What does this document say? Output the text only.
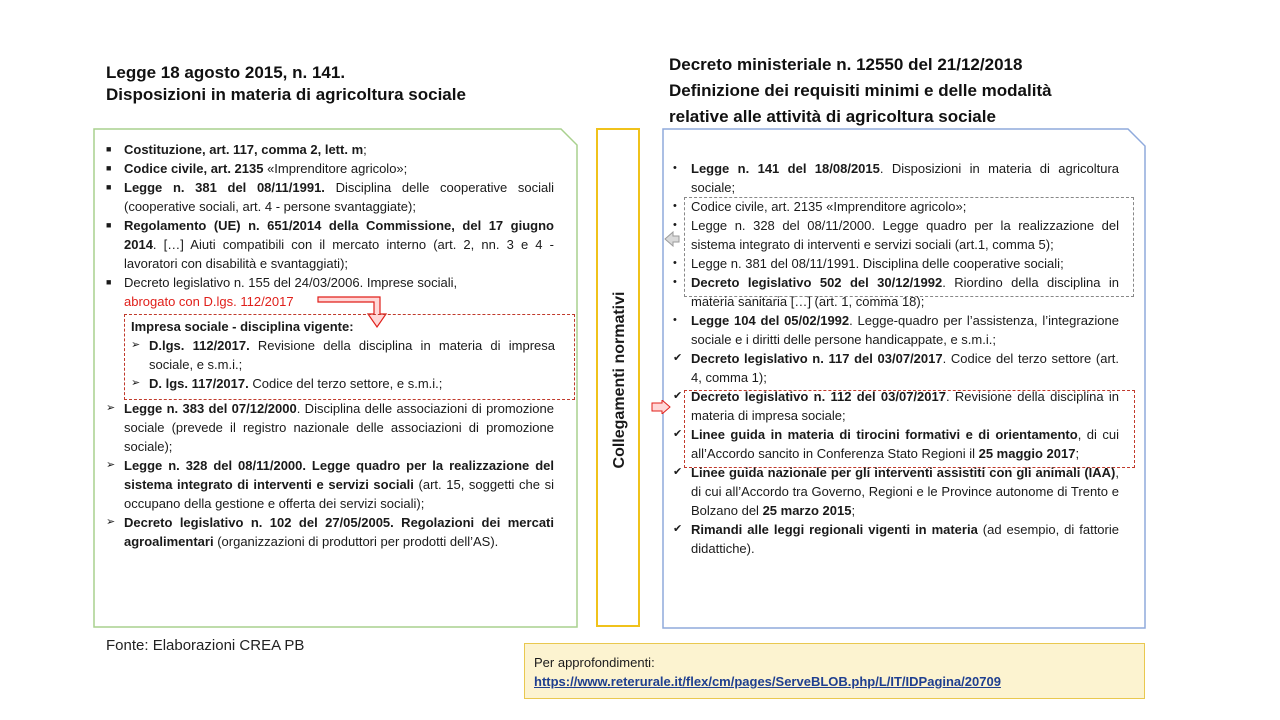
Legge 18 agosto 2015, n. 141.
Disposizioni in materia di agricoltura sociale
Decreto ministeriale n. 12550 del 21/12/2018
Definizione dei requisiti minimi e delle modalità
relative alle attività di agricoltura sociale
■ Costituzione, art. 117, comma 2, lett. m;
■ Codice civile, art. 2135 «Imprenditore agricolo»;
■ Legge n. 381 del 08/11/1991. Disciplina delle cooperative sociali (cooperative sociali, art. 4 - persone svantaggiate);
■ Regolamento (UE) n. 651/2014 della Commissione, del 17 giugno 2014. […] Aiuti compatibili con il mercato interno (art. 2, nn. 3 e 4 - lavoratori con disabilità e svantaggiati);
■ Decreto legislativo n. 155 del 24/03/2006. Imprese sociali,
abrogato con D.lgs. 112/2017
Impresa sociale - disciplina vigente:
➢ D.lgs. 112/2017. Revisione della disciplina in materia di impresa sociale, e s.m.i.;
➢ D. lgs. 117/2017. Codice del terzo settore, e s.m.i.;
➢ Legge n. 383 del 07/12/2000. Disciplina delle associazioni di promozione sociale (prevede il registro nazionale delle associazioni di promozione sociale);
➢ Legge n. 328 del 08/11/2000. Legge quadro per la realizzazione del sistema integrato di interventi e servizi sociali (art. 15, soggetti che si occupano della gestione e offerta dei servizi sociali);
➢ Decreto legislativo n. 102 del 27/05/2005. Regolazioni dei mercati agroalimentari (organizzazioni di produttori per prodotti dell’AS).
Collegamenti normativi
•	Legge n. 141 del 18/08/2015. Disposizioni in materia di agricoltura sociale;
•	Codice civile, art. 2135 «Imprenditore agricolo»;
•	Legge n. 328 del 08/11/2000. Legge quadro per la realizzazione del sistema integrato di interventi e servizi sociali (art.1, comma 5);
•	Legge n. 381 del 08/11/1991. Disciplina delle cooperative sociali;
•	Decreto legislativo 502 del 30/12/1992. Riordino della disciplina in materia sanitaria […] (art. 1, comma 18);
•	Legge 104 del 05/02/1992. Legge-quadro per l’assistenza, l’integrazione sociale e i diritti delle persone handicappate, e s.m.i.;
✔ Decreto legislativo n. 117 del 03/07/2017. Codice del terzo settore (art. 4, comma 1);
✔ Decreto legislativo n. 112 del 03/07/2017. Revisione della disciplina in materia di impresa sociale;
✔ Linee guida in materia di tirocini formativi e di orientamento, di cui all’Accordo sancito in Conferenza Stato Regioni il 25 maggio 2017;
✔ Linee guida nazionale per gli interventi assistiti con gli animali (IAA), di cui all’Accordo tra Governo, Regioni e le Province autonome di Trento e Bolzano del 25 marzo 2015;
✔ Rimandi alle leggi regionali vigenti in materia (ad esempio, di fattorie didattiche).
Fonte: Elaborazioni CREA PB
Per approfondimenti:
https://www.reterurale.it/flex/cm/pages/ServeBLOB.php/L/IT/IDPagina/20709
